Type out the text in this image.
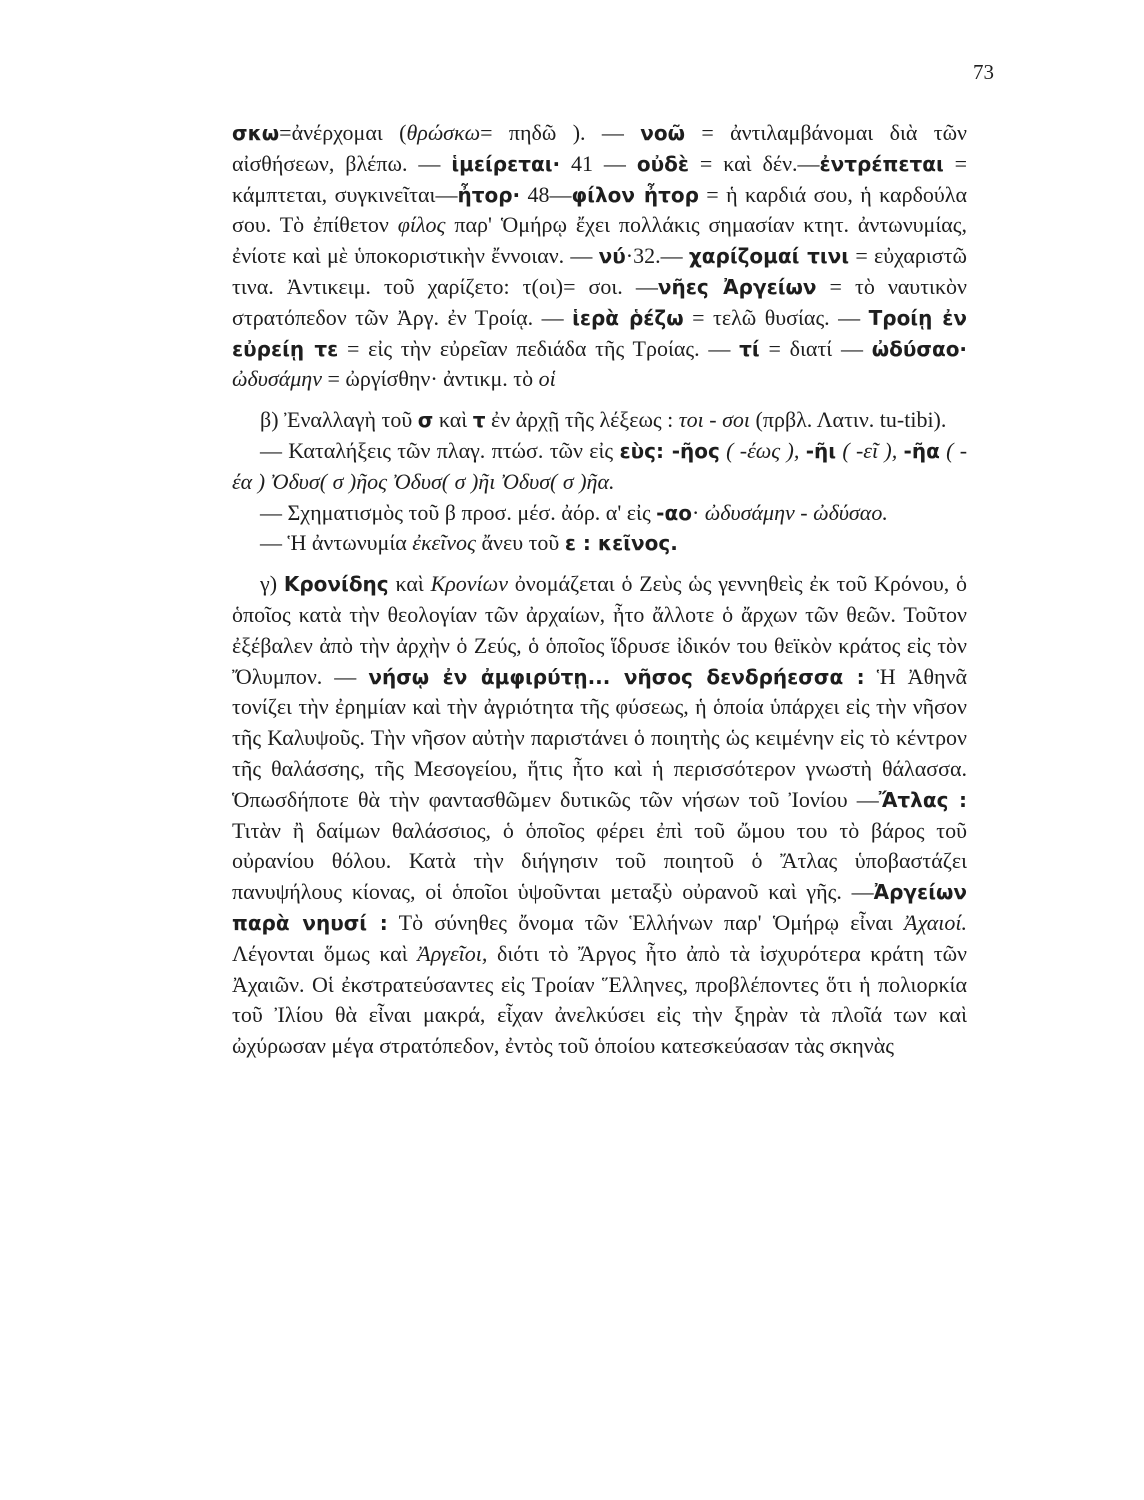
73

σκω=ἀνέρχομαι (θρώσκω= πηδῶ ). — νοῶ = ἀντιλαμβάνομαι διὰ τῶν αἰσθήσεων, βλέπω. — ἱμείρεται· 41 — οὐδὲ = καὶ δέν.—ἐντρέπεται = κάμπτεται, συγκινεῖται—ἦτορ· 48—φίλον ἦτορ = ἡ καρδιά σου, ἡ καρδούλα σου. Τὸ ἐπίθετον φίλος παρ' Ὁμήρῳ ἔχει πολλάκις σημασίαν κτητ. ἀντωνυμίας, ἐνίοτε καὶ μὲ ὑποκοριστικὴν ἔννοιαν. — νύ·32.— χαρίζομαί τινι = εὐχαριστῶ τινα. Ἀντικειμ. τοῦ χαρίζετο: τ(οι)= σοι. —νῆες Ἀργείων = τὸ ναυτικὸν στρατόπεδον τῶν Ἀργ. ἐν Τροίᾳ. — ἱερὰ ῥέζω = τελῶ θυσίας. — Τροίῃ ἐν εὐρείῃ τε = εἰς τὴν εὐρεῖαν πεδιάδα τῆς Τροίας. — τί = διατί — ὠδύσαο· ὠδυσάμην = ὠργίσθην· ἀντικμ. τὸ οἱ

β) Ἐναλλαγὴ τοῦ σ καὶ τ ἐν ἀρχῇ τῆς λέξεως : τοι - σοι (πρβλ. Λατιν. tu-tibi).

— Καταλήξεις τῶν πλαγ. πτώσ. τῶν εἰς εὺς: -ῆος ( -έως ), -ῆι ( -εῖ ), -ῆα ( -έα ) Ὀδυσ( σ )ῆος Ὀδυσ( σ )ῆι Ὀδυσ( σ )ῆα.

— Σχηματισμὸς τοῦ β προσ. μέσ. ἀόρ. α' εἰς -αο· ὠδυσάμην - ὠδύσαο.

— Ἡ ἀντωνυμία ἐκεῖνος ἄνευ τοῦ ε : κεῖνος.

γ) Κρονίδης καὶ Κρονίων ὀνομάζεται ὁ Ζεὺς ὡς γεννηθεὶς ἐκ τοῦ Κρόνου, ὁ ὁποῖος κατὰ τὴν θεολογίαν τῶν ἀρχαίων, ἦτο ἄλλοτε ὁ ἄρχων τῶν θεῶν. Τοῦτον ἐξέβαλεν ἀπὸ τὴν ἀρχὴν ὁ Ζεύς, ὁ ὁποῖος ἵδρυσε ἰδικόν του θεϊκὸν κράτος εἰς τὸν Ὄλυμπον. — νήσῳ ἐν ἀμφιρύτῃ... νῆσος δενδρήεσσα : Ἡ Ἀθηνᾶ τονίζει τὴν ἐρημίαν καὶ τὴν ἀγριότητα τῆς φύσεως, ἡ ὁποία ὑπάρχει εἰς τὴν νῆσον τῆς Καλυψοῦς. Τὴν νῆσον αὐτὴν παριστάνει ὁ ποιητὴς ὡς κειμένην εἰς τὸ κέντρον τῆς θαλάσσης, τῆς Μεσογείου, ἥτις ἦτο καὶ ἡ περισσότερον γνωστὴ θάλασσα. Ὁπωσδήποτε θὰ τὴν φαντασθῶμεν δυτικῶς τῶν νήσων τοῦ Ἰονίου —Ἄτλας : Τιτὰν ἢ δαίμων θαλάσσιος, ὁ ὁποῖος φέρει ἐπὶ τοῦ ὤμου του τὸ βάρος τοῦ οὐρανίου θόλου. Κατὰ τὴν διήγησιν τοῦ ποιητοῦ ὁ Ἄτλας ὑποβαστάζει πανυψήλους κίονας, οἱ ὁποῖοι ὑψοῦνται μεταξὺ οὐρανοῦ καὶ γῆς. —Ἀργείων παρὰ νηυσί : Τὸ σύνηθες ὄνομα τῶν Ἑλλήνων παρ' Ὁμήρῳ εἶναι Ἀχαιοί. Λέγονται ὅμως καὶ Ἀργεῖοι, διότι τὸ Ἄργος ἦτο ἀπὸ τὰ ἰσχυρότερα κράτη τῶν Ἀχαιῶν. Οἱ ἐκστρατεύσαντες εἰς Τροίαν Ἕλληνες, προβλέποντες ὅτι ἡ πολιορκία τοῦ Ἰλίου θὰ εἶναι μακρά, εἶχαν ἀνελκύσει εἰς τὴν ξηρὰν τὰ πλοῖά των καὶ ὠχύρωσαν μέγα στρατόπεδον, ἐντὸς τοῦ ὁποίου κατεσκεύασαν τὰς σκηνὰς
